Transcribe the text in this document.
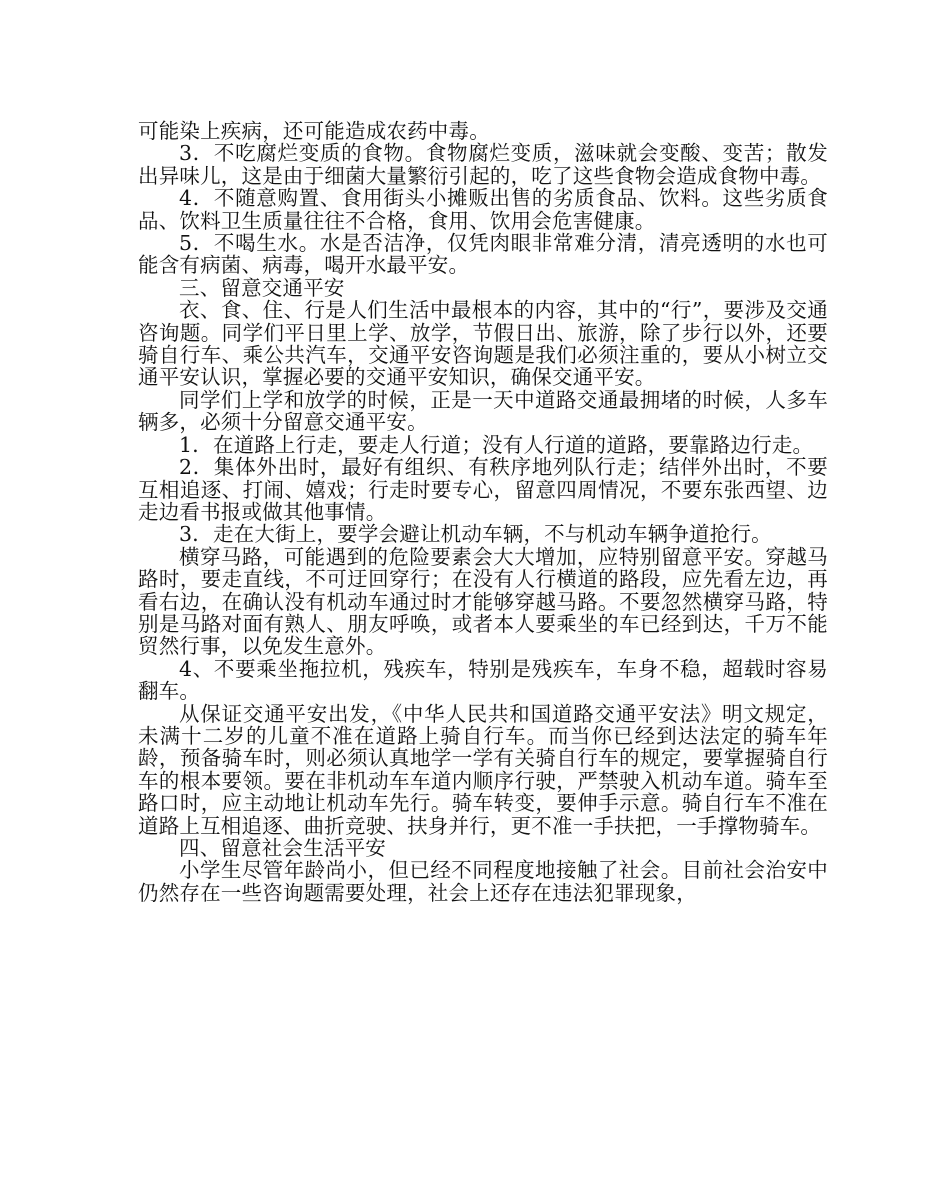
可能染上疾病，还可能造成农药中毒。

3．不吃腐烂变质的食物。食物腐烂变质，滋味就会变酸、变苦；散发出异味儿，这是由于细菌大量繁衍引起的，吃了这些食物会造成食物中毒。

4．不随意购置、食用街头小摊贩出售的劣质食品、饮料。这些劣质食品、饮料卫生质量往往不合格，食用、饮用会危害健康。

5．不喝生水。水是否洁净，仅凭肉眼非常难分清，清亮透明的水也可能含有病菌、病毒，喝开水最平安。

三、留意交通平安

衣、食、住、行是人们生活中最根本的内容，其中的“行”，要涉及交通咨询题。同学们平日里上学、放学，节假日出、旅游，除了步行以外，还要骑自行车、乘公共汽车，交通平安咨询题是我们必须注重的，要从小树立交通平安认识，掌握必要的交通平安知识，确保交通平安。

同学们上学和放学的时候，正是一天中道路交通最拥堵的时候，人多车辆多，必须十分留意交通平安。

1．在道路上行走，要走人行道；没有人行道的道路，要靠路边行走。

2．集体外出时，最好有组织、有秩序地列队行走；结伴外出时，不要互相追逐、打闹、嬉戏；行走时要专心，留意四周情况，不要东张西望、边走边看书报或做其他事情。

3．走在大街上，要学会避让机动车辆，不与机动车辆争道抢行。

横穿马路，可能遇到的危险要素会大大增加，应特别留意平安。穿越马路时，要走直线，不可迂回穿行；在没有人行横道的路段，应先看左边，再看右边，在确认没有机动车通过时才能够穿越马路。不要忽然横穿马路，特别是马路对面有熟人、朋友呼唤，或者本人要乘坐的车已经到达，千万不能贸然行事，以免发生意外。

4、不要乘坐拖拉机，残疾车，特别是残疾车，车身不稳，超载时容易翻车。

从保证交通平安出发，《中华人民共和国道路交通平安法》明文规定，未满十二岁的儿童不准在道路上骑自行车。而当你已经到达法定的骑车年龄，预备骑车时，则必须认真地学一学有关骑自行车的规定，要掌握骑自行车的根本要领。要在非机动车车道内顺序行驶，严禁驶入机动车道。骑车至路口时，应主动地让机动车先行。骑车转变，要伸手示意。骑自行车不准在道路上互相追逐、曲折竞驶、扶身并行，更不准一手扶把，一手撑物骑车。

四、留意社会生活平安

小学生尽管年龄尚小，但已经不同程度地接触了社会。目前社会治安中仍然存在一些咨询题需要处理，社会上还存在违法犯罪现象，
